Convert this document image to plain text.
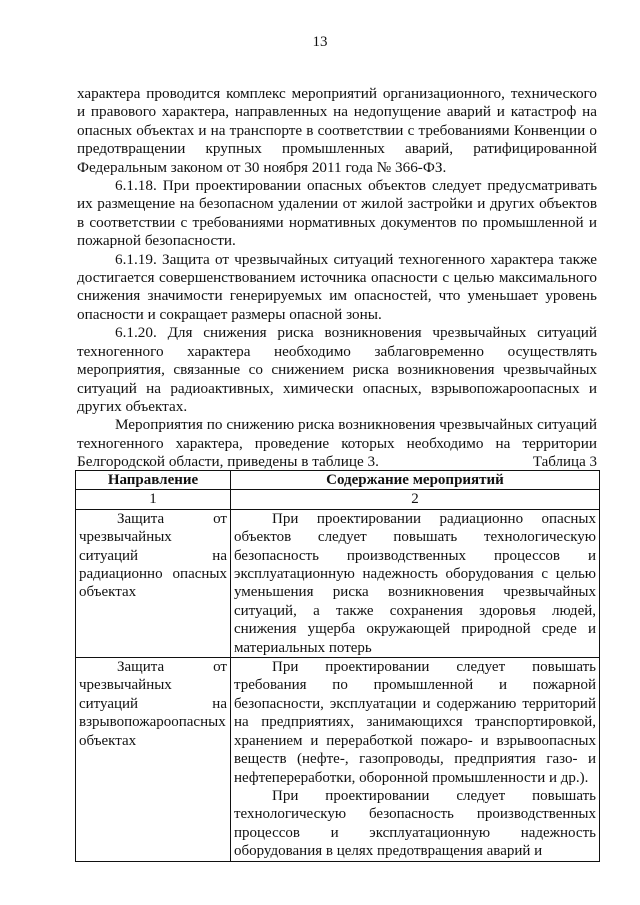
13

характера проводится комплекс мероприятий организационного, технического и правового характера, направленных на недопущение аварий и катастроф на опасных объектах и на транспорте в соответствии с требованиями Конвенции о предотвращении крупных промышленных аварий, ратифицированной Федеральным законом от 30 ноября 2011 года № 366-ФЗ.

6.1.18. При проектировании опасных объектов следует предусматривать их размещение на безопасном удалении от жилой застройки и других объектов в соответствии с требованиями нормативных документов по промышленной и пожарной безопасности.

6.1.19. Защита от чрезвычайных ситуаций техногенного характера также достигается совершенствованием источника опасности с целью максимального снижения значимости генерируемых им опасностей, что уменьшает уровень опасности и сокращает размеры опасной зоны.

6.1.20. Для снижения риска возникновения чрезвычайных ситуаций техногенного характера необходимо заблаговременно осуществлять мероприятия, связанные со снижением риска возникновения чрезвычайных ситуаций на радиоактивных, химически опасных, взрывопожароопасных и других объектах.

Мероприятия по снижению риска возникновения чрезвычайных ситуаций техногенного характера, проведение которых необходимо на территории Белгородской области, приведены в таблице 3.	Таблица 3
Направление	Содержание мероприятий
1	2

Защита от чрезвычайных ситуаций на радиационно опасных объектах	При проектировании радиационно опасных объектов следует повышать технологическую безопасность производственных процессов и эксплуатационную надежность оборудования с целью уменьшения риска возникновения чрезвычайных ситуаций, а также сохранения здоровья людей, снижения ущерба окружающей природной среде и материальных потерь

Защита от чрезвычайных ситуаций на взрывопожароопасных объектах	При проектировании следует повышать требования по промышленной и пожарной безопасности, эксплуатации и содержанию территорий на предприятиях, занимающихся транспортировкой, хранением и переработкой пожаро- и взрывоопасных веществ (нефте-, газопроводы, предприятия газо- и нефтепереработки, оборонной промышленности и др.).

При проектировании следует повышать технологическую безопасность производственных процессов и эксплуатационную надежность оборудования в целях предотвращения аварий и
